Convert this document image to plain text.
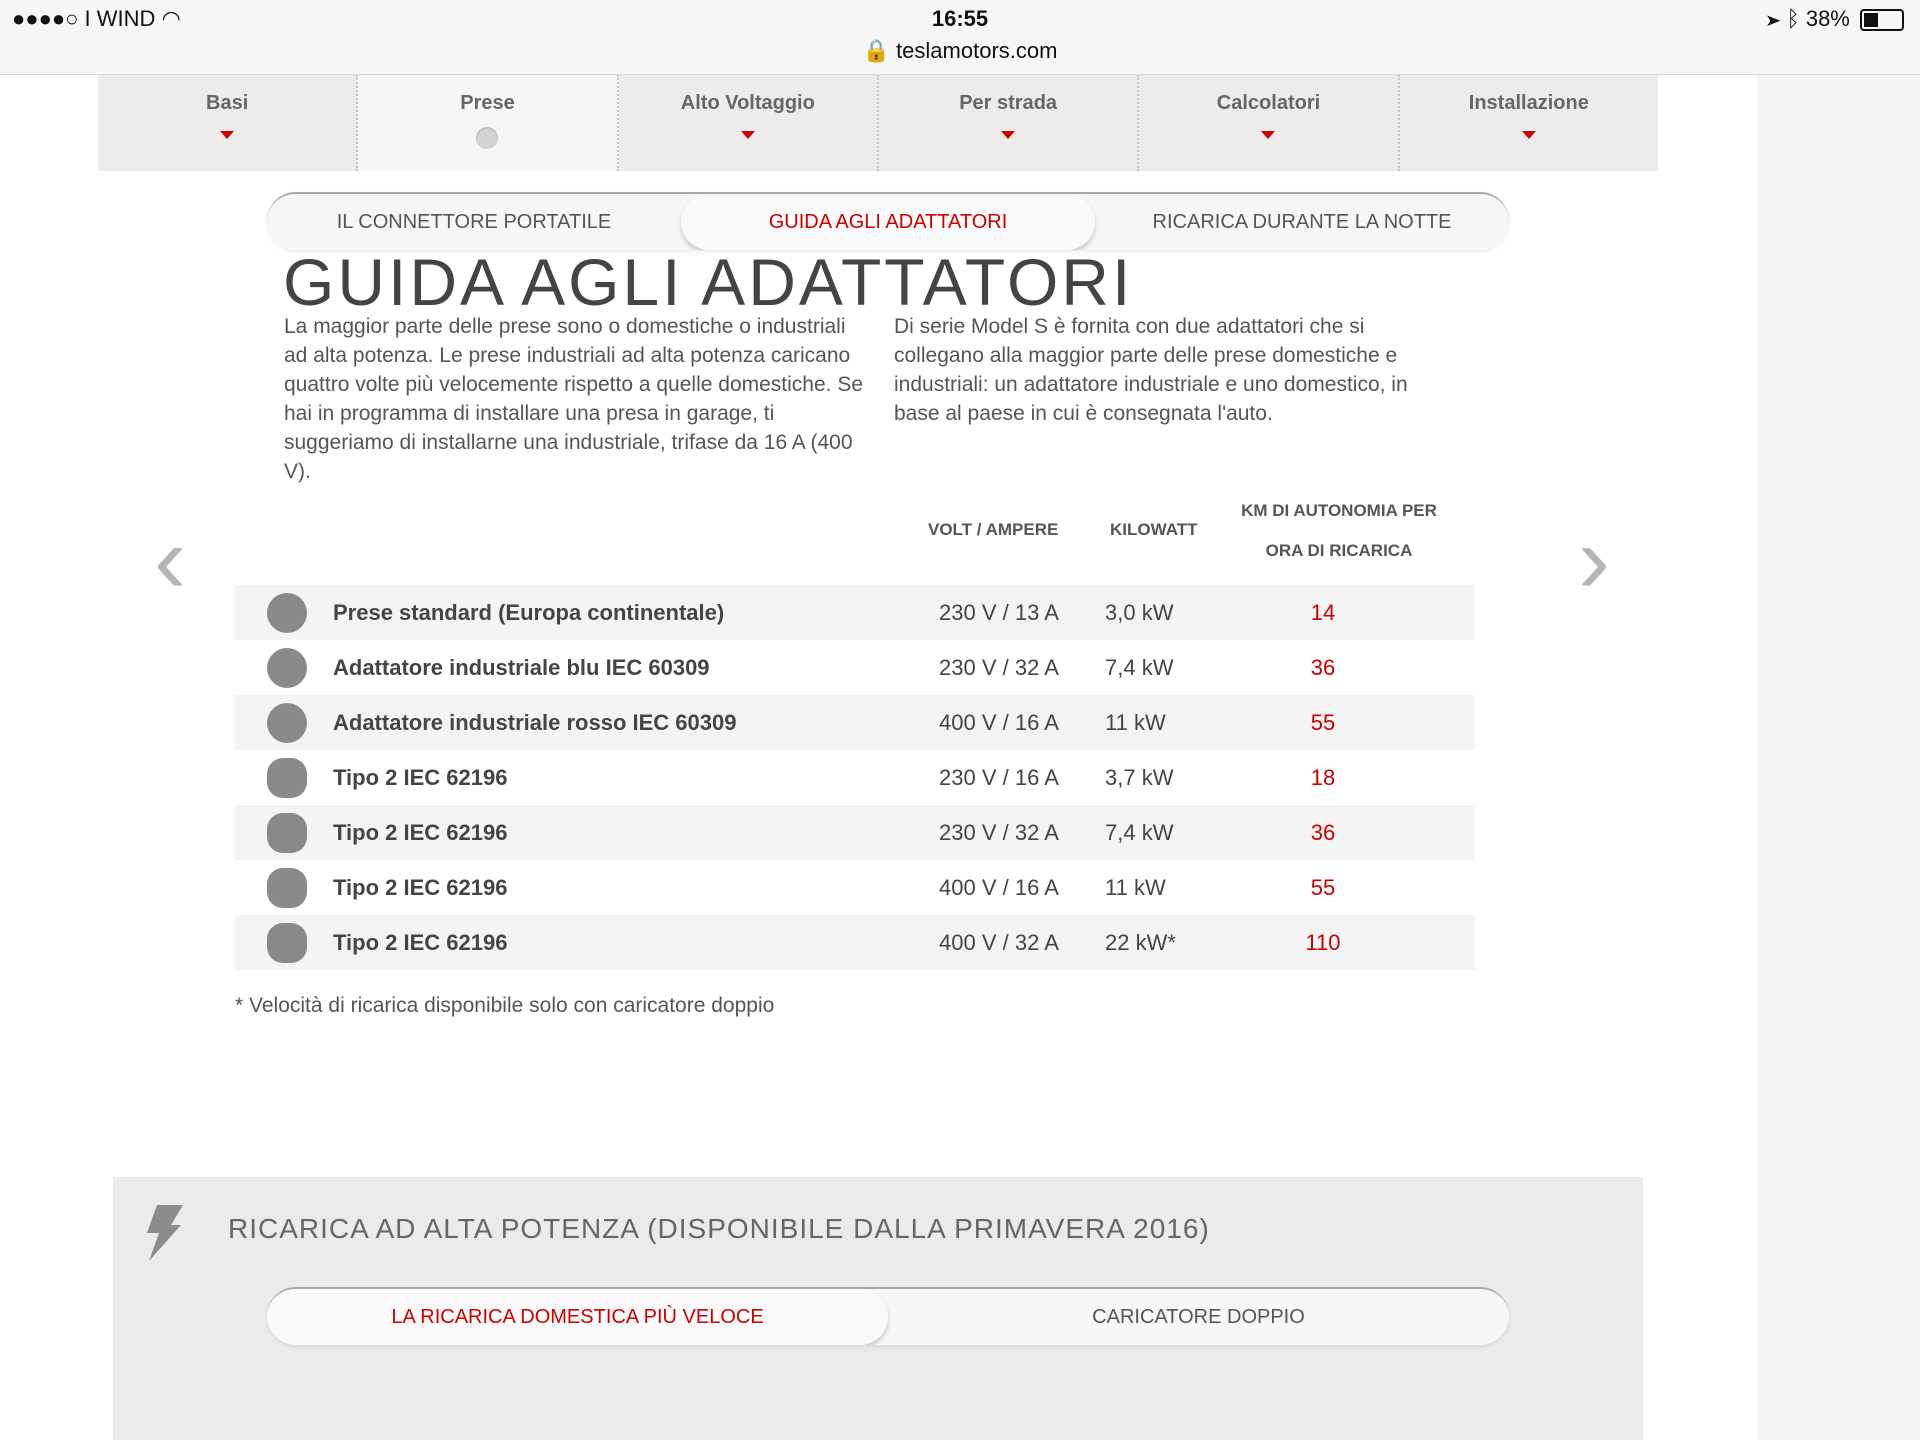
●●●●○ I WIND ◠	16:55
🔒 teslamotors.com
➤ ᛒ 38%
Basi	Prese	Alto Voltaggio	Per strada	Calcolatori	Installazione
IL CONNETTORE PORTATILE	GUIDA AGLI ADATTATORI	RICARICA DURANTE LA NOTTE
GUIDA AGLI ADATTATORI
La maggior parte delle prese sono o domestiche o industriali ad alta potenza. Le prese industriali ad alta potenza caricano quattro volte più velocemente rispetto a quelle domestiche. Se hai in programma di installare una presa in garage, ti suggeriamo di installarne una industriale, trifase da 16 A (400 V).
Di serie Model S è fornita con due adattatori che si collegano alla maggior parte delle prese domestiche e industriali: un adattatore industriale e uno domestico, in base al paese in cui è consegnata l'auto.
‹	›
VOLT / AMPERE	KILOWATT
KM DI AUTONOMIA PER
ORA DI RICARICA
Prese standard (Europa continentale)	230 V / 13 A 3,0 kW	14
Adattatore industriale blu IEC 60309	230 V / 32 A 7,4 kW	36
Adattatore industriale rosso IEC 60309	400 V / 16 A 11 kW	55
Tipo 2 IEC 62196	230 V / 16 A 3,7 kW	18
Tipo 2 IEC 62196	230 V / 32 A 7,4 kW	36
Tipo 2 IEC 62196	400 V / 16 A 11 kW	55
Tipo 2 IEC 62196	400 V / 32 A 22 kW*	110
* Velocità di ricarica disponibile solo con caricatore doppio
RICARICA AD ALTA POTENZA (DISPONIBILE DALLA PRIMAVERA 2016)
LA RICARICA DOMESTICA PIÙ VELOCE	CARICATORE DOPPIO
